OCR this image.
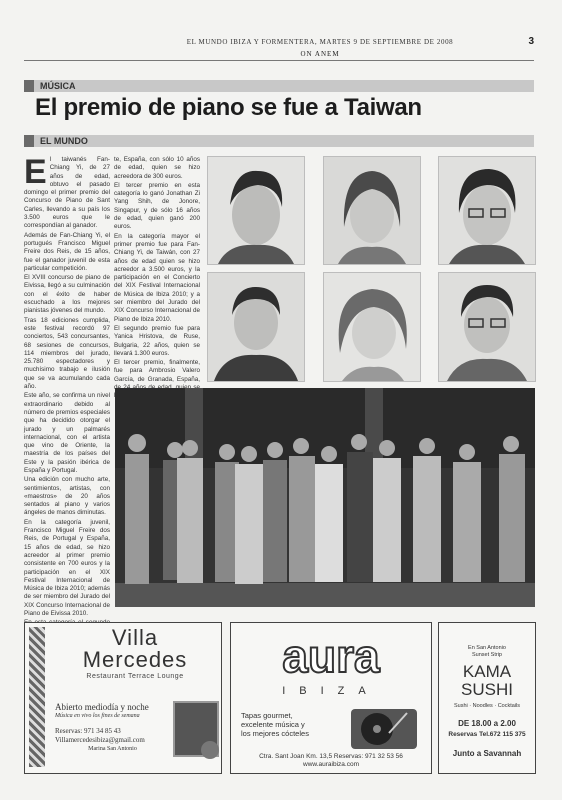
EL MUNDO IBIZA Y FORMENTERA, MARTES 9 DE SEPTIEMBRE DE 2008	3
ON ANEM
MÚSICA
El premio de piano se fue a Taiwan
EL MUNDO
E l taiwanés Fan-Chiang Yi, de 27 años de edad, obtuvo el pasado domingo el primer premio del Concurso de Piano de Sant Carles, llevando a su país los 3.500 euros que le correspondían al ganador.

Además de Fan-Chiang Yi, el portugués Francisco Miguel Freire dos Reis, de 15 años, fue el ganador juvenil de esta particular competición.

El XVIII concurso de piano de Eivissa, llegó a su culminación con el éxito de haber escuchado a los mejores pianistas jóvenes del mundo.

Tras 18 ediciones cumplida, este festival recordó 97 conciertos, 543 concursantes, 68 sesiones de concursos, 114 miembros del jurado, 25.780 espectadores y muchísimo trabajo e ilusión que se va acumulando cada año.

Este año, se confirma un nivel extraordinario debido al número de premios especiales que ha decidido otorgar el jurado y un palmarés internacional, con el artista que vino de Oriente, la maestría de los países del Este y la pasión ibérica de España y Portugal.

Una edición con mucho arte, sentimientos, artistas, con «maestros» de 20 años sentados al piano y varios ángeles de manos diminutas.

En la categoría juvenil, Francisco Miguel Freire dos Reis, de Portugal y España, 15 años de edad, se hizo acreedor al primer premio consistente en 700 euros y la participación en el XIX Festival Internacional de Música de Ibiza 2010; además de ser miembro del Jurado del XIX Concurso Internacional de Piano de Eivissa 2010.

te, España, con sólo 10 años de edad, quien se hizo acreedora de 300 euros.

El tercer premio en esta categoría lo ganó Jonathan Zi Yang Shih, de Jonore, Singapur, y de sólo 16 años de edad, quien ganó 200 euros.

En la categoría mayor el primer premio fue para Fan-Chiang Yi, de Taiwán, con 27 años de edad quien se hizo acreedor a 3.500 euros, y la participación en el Concierto del XIX Festival Internacional de Música de Ibiza 2010; y a ser miembro del Jurado del XIX Concurso Internacional de Piano de Ibiza 2010.

El segundo premio fue para Yanica Hristova, de Ruse, Bulgaria, 22 años, quien se llevará 1.300 euros.

El tercer premio, finalmente, fue para Ambrosio Valero García, de Granada, España,

Villa
Mercedes
Restaurant Terrace Lounge
Abierto mediodía y noche
Música en vivo los fines de semana
Reservas: 971 34 85 43
Villamercedesibiza@gmail.com
Marina San Antonio
aura
IBIZA
Tapas gourmet,
excelente música y
los mejores cócteles
Ctra. Sant Joan Km. 13,5 Reservas: 971 32 53 56
www.auraibiza.com
En San Antonio
Sunset Strip
KAMA
SUSHI
Sushi · Noodles · Cocktails
DE 18.00 a 2.00
Reservas Tel.672 115 375
Junto a Savannah
